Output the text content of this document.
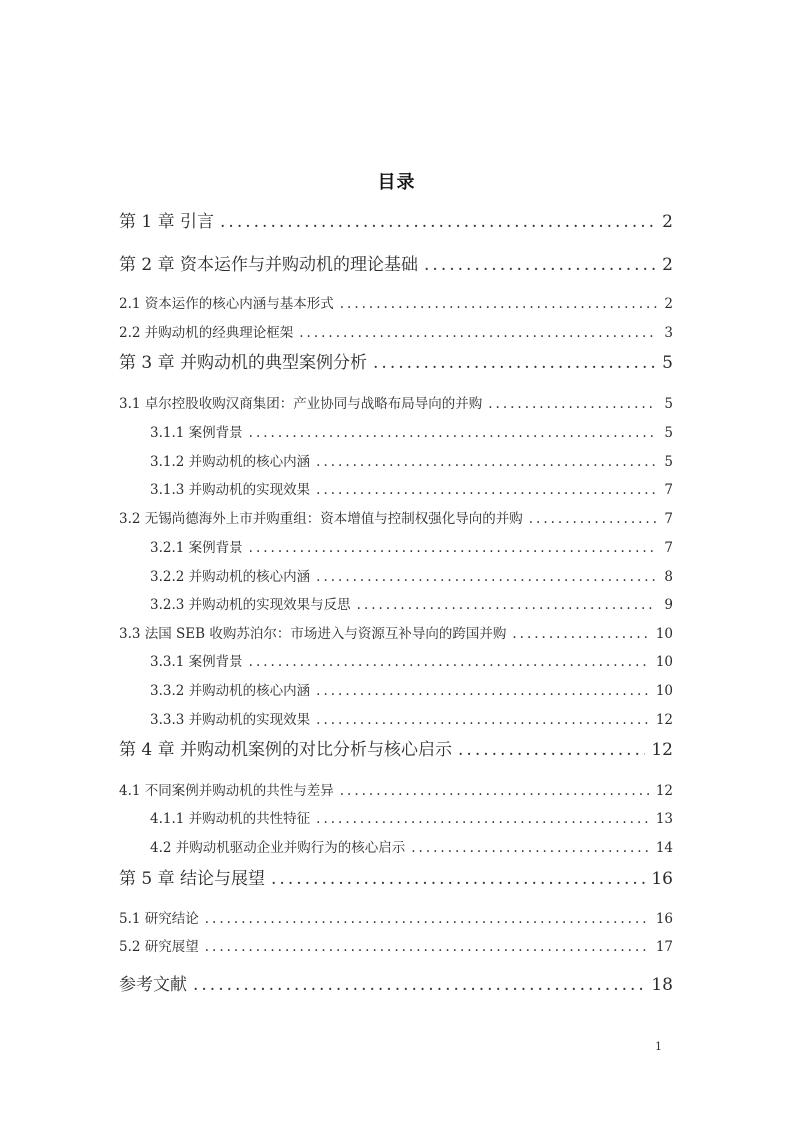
目录
第 1 章 引言 .....	2
第 2 章 资本运作与并购动机的理论基础 .....	2
2.1 资本运作的核心内涵与基本形式 .....	2
2.2 并购动机的经典理论框架 .....	3
第 3 章 并购动机的典型案例分析 .....	5
3.1 卓尔控股收购汉商集团：产业协同与战略布局导向的并购 .....	5
3.1.1 案例背景 .....	5
3.1.2 并购动机的核心内涵 .....	5
3.1.3 并购动机的实现效果 .....	7
3.2 无锡尚德海外上市并购重组：资本增值与控制权强化导向的并购 .....	7
3.2.1 案例背景 .....	7
3.2.2 并购动机的核心内涵 .....	8
3.2.3 并购动机的实现效果与反思 .....	9
3.3 法国 SEB 收购苏泊尔：市场进入与资源互补导向的跨国并购 .....	10
3.3.1 案例背景 .....	10
3.3.2 并购动机的核心内涵 .....	10
3.3.3 并购动机的实现效果 .....	12
第 4 章 并购动机案例的对比分析与核心启示 .....	12
4.1 不同案例并购动机的共性与差异 .....	12
4.1.1 并购动机的共性特征 .....	13
4.2 并购动机驱动企业并购行为的核心启示 .....	14
第 5 章 结论与展望 .....	16
5.1 研究结论 .....	16
5.2 研究展望 .....	17
参考文献 .....	18
1
